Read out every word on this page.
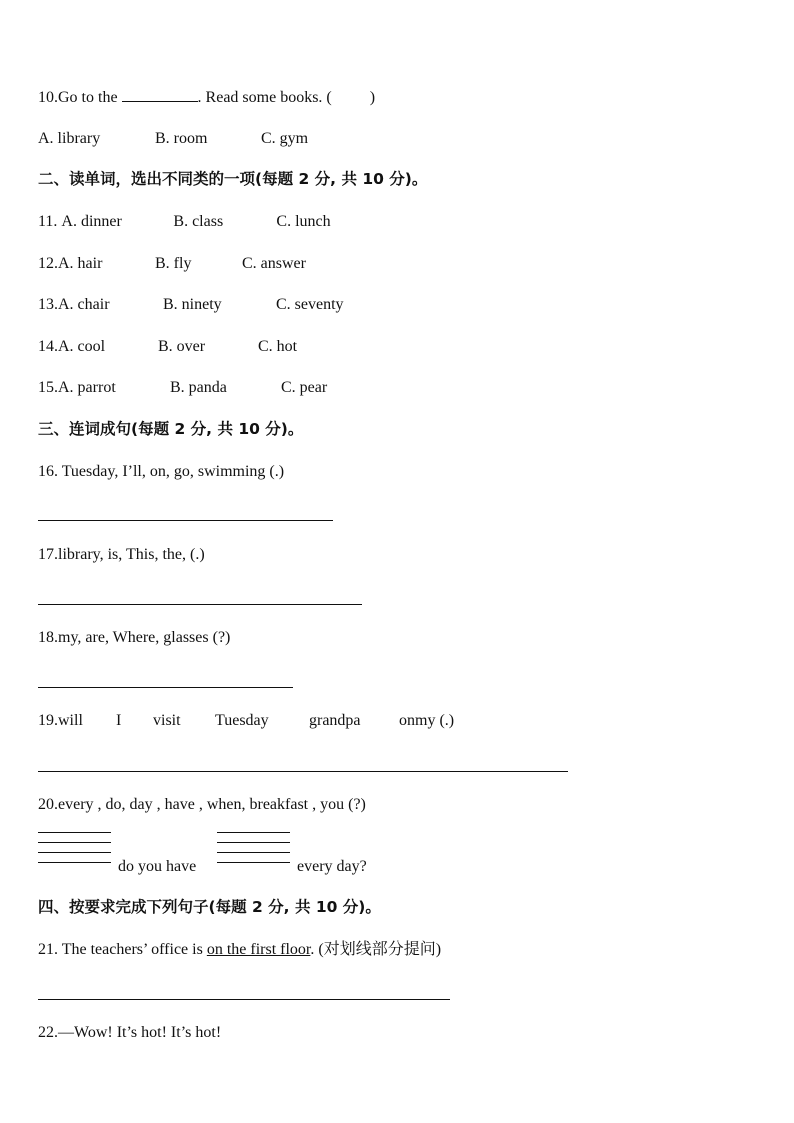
10.Go to the	. Read some books. ( )
A. library	B. room	C. gym
二、读单词，选出不同类的一项(每题 2 分, 共 10 分)。
11. A. dinner	B. class	C. lunch
12.A. hair	B. fly	C. answer
13.A. chair	B. ninety	C. seventy
14.A. cool	B. over	C. hot
15.A. parrot	B. panda	C. pear
三、连词成句(每题 2 分, 共 10 分)。
16. Tuesday, I’ll, on, go, swimming (.)
17.library, is, This, the, (.)
18.my, are, Where, glasses (?)
19.will I visit Tuesday	grandpa onmy (.)
20.every , do, day , have , when, breakfast , you (?)
do you have	every day?
四、按要求完成下列句子(每题 2 分, 共 10 分)。
21. The teachers’ office is on the first floor. (对划线部分提问)
22.—Wow! It’s hot! It’s hot!
